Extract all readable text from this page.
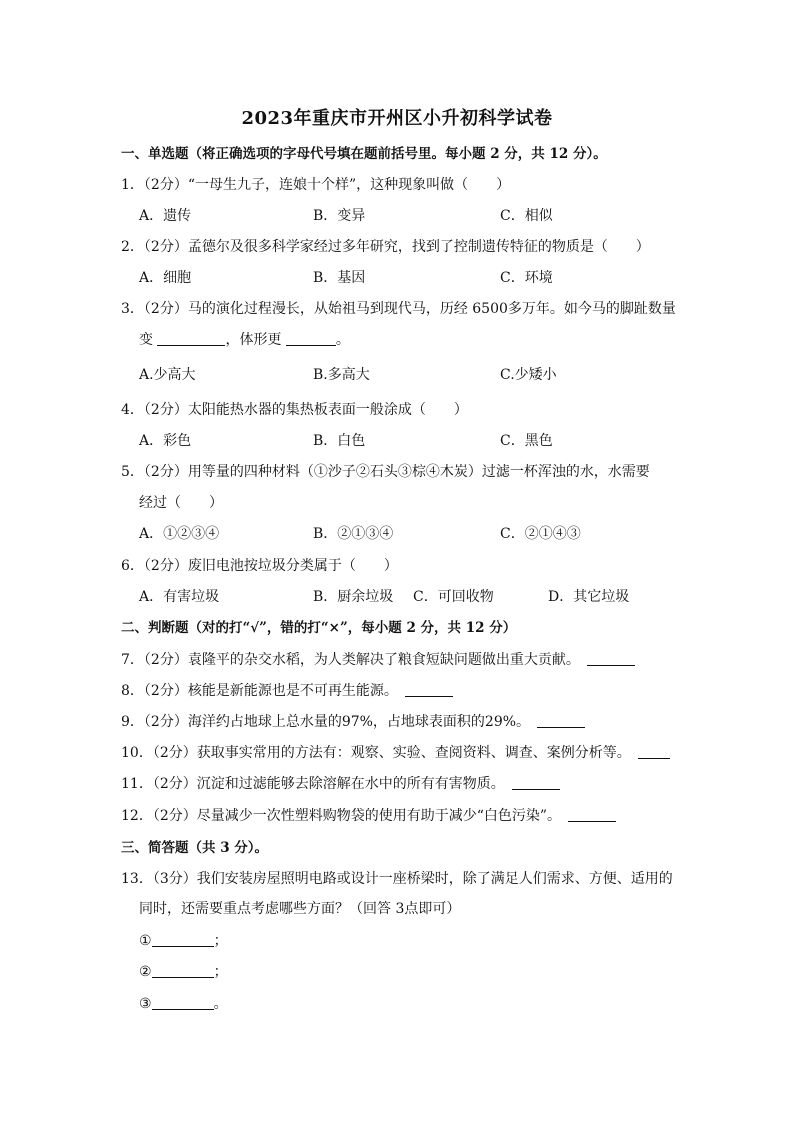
2023年重庆市开州区小升初科学试卷
一、单选题（将正确选项的字母代号填在题前括号里。每小题 2 分，共 12 分）。
1．（2分）“一母生九子，连娘十个样”，这种现象叫做（　　）
A．遗传	B．变异	C．相似
2．（2分）孟德尔及很多科学家经过多年研究，找到了控制遗传特征的物质是（　　）
A．细胞	B．基因	C．环境
3．（2分）马的演化过程漫长，从始祖马到现代马，历经 6500多万年。如今马的脚趾数量
变	，体形更	。
A.少高大	B.多高大	C.少矮小
4．（2分）太阳能热水器的集热板表面一般涂成（　　）
A．彩色	B．白色	C．黑色
5．（2分）用等量的四种材料（①沙子②石头③棕④木炭）过滤一杯浑浊的水，水需要
经过（　　）
A．①②③④	B．②①③④	C．②①④③
6．（2分）废旧电池按垃圾分类属于（　　）
A．有害垃圾	B．厨余垃圾 C．可回收物	D．其它垃圾
二、判断题（对的打“√”，错的打“×”，每小题 2 分，共 12 分）
7．（2分）袁隆平的杂交水稻，为人类解决了粮食短缺问题做出重大贡献。 
8．（2分）核能是新能源也是不可再生能源。 
9．（2分）海洋约占地球上总水量的97%，占地球表面积的29%。 
10．（2分）获取事实常用的方法有：观察、实验、查阅资料、调查、案例分析等。 
11．（2分）沉淀和过滤能够去除溶解在水中的所有有害物质。 
12．（2分）尽量减少一次性塑料购物袋的使用有助于减少“白色污染”。 
三、简答题（共 3 分）。
13．（3分）我们安装房屋照明电路或设计一座桥梁时，除了满足人们需求、方便、适用的
同时，还需要重点考虑哪些方面？（回答 3点即可）
①	；
②	；
③	。
